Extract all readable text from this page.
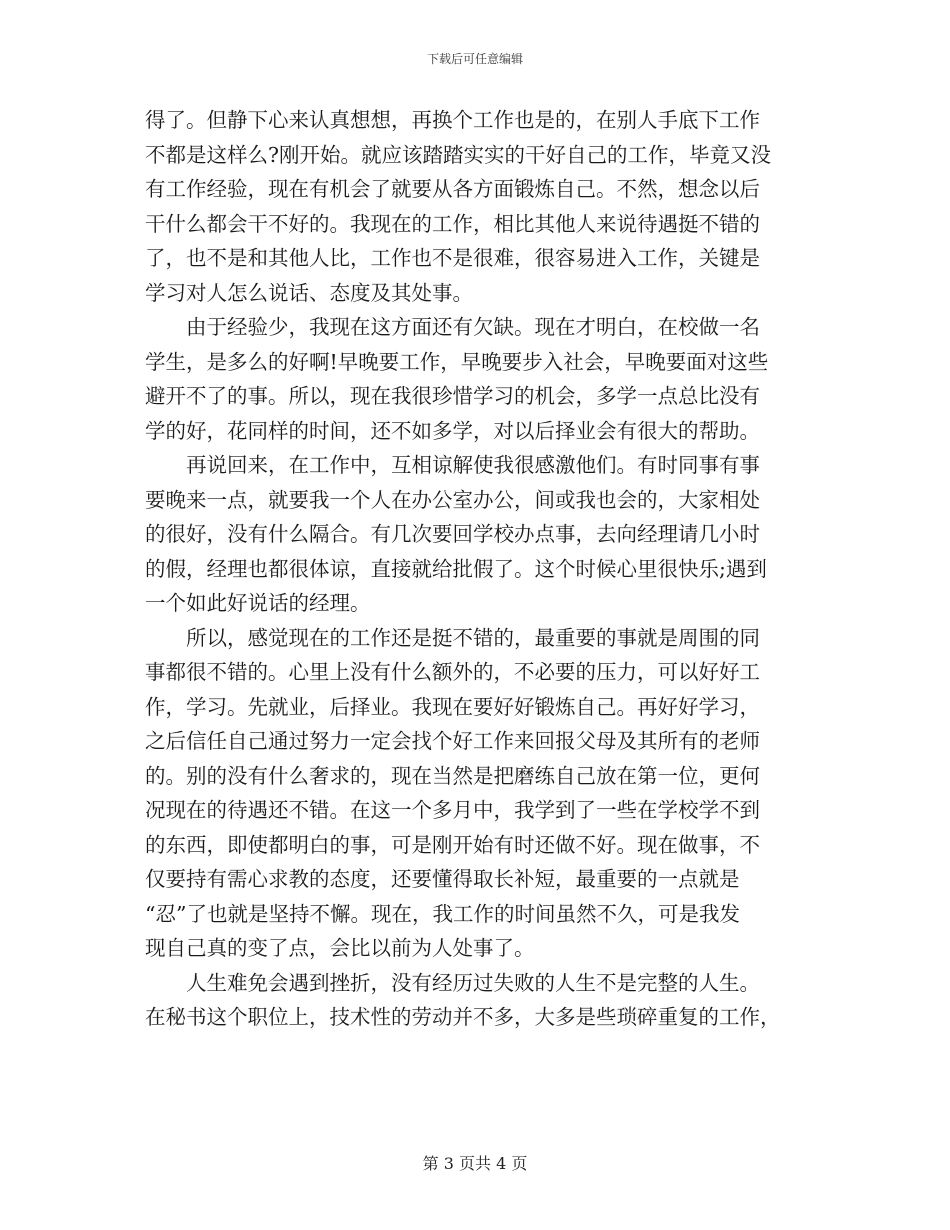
下载后可任意编辑
得了。但静下心来认真想想，再换个工作也是的，在别人手底下工作
不都是这样么?刚开始。就应该踏踏实实的干好自己的工作，毕竟又没
有工作经验，现在有机会了就要从各方面锻炼自己。不然，想念以后
干什么都会干不好的。我现在的工作，相比其他人来说待遇挺不错的
了，也不是和其他人比，工作也不是很难，很容易进入工作，关键是
学习对人怎么说话、态度及其处事。
　　由于经验少，我现在这方面还有欠缺。现在才明白，在校做一名
学生，是多么的好啊!早晚要工作，早晚要步入社会，早晚要面对这些
避开不了的事。所以，现在我很珍惜学习的机会，多学一点总比没有
学的好，花同样的时间，还不如多学，对以后择业会有很大的帮助。
　　再说回来，在工作中，互相谅解使我很感激他们。有时同事有事
要晚来一点，就要我一个人在办公室办公，间或我也会的，大家相处
的很好，没有什么隔合。有几次要回学校办点事，去向经理请几小时
的假，经理也都很体谅，直接就给批假了。这个时候心里很快乐;遇到
一个如此好说话的经理。
　　所以，感觉现在的工作还是挺不错的，最重要的事就是周围的同
事都很不错的。心里上没有什么额外的，不必要的压力，可以好好工
作，学习。先就业，后择业。我现在要好好锻炼自己。再好好学习，
之后信任自己通过努力一定会找个好工作来回报父母及其所有的老师
的。别的没有什么奢求的，现在当然是把磨练自己放在第一位，更何
况现在的待遇还不错。在这一个多月中，我学到了一些在学校学不到
的东西，即使都明白的事，可是刚开始有时还做不好。现在做事，不
仅要持有需心求教的态度，还要懂得取长补短，最重要的一点就是
“忍”了也就是坚持不懈。现在，我工作的时间虽然不久，可是我发
现自己真的变了点，会比以前为人处事了。
　　人生难免会遇到挫折，没有经历过失败的人生不是完整的人生。
在秘书这个职位上，技术性的劳动并不多，大多是些琐碎重复的工作，
第 3 页共 4 页
